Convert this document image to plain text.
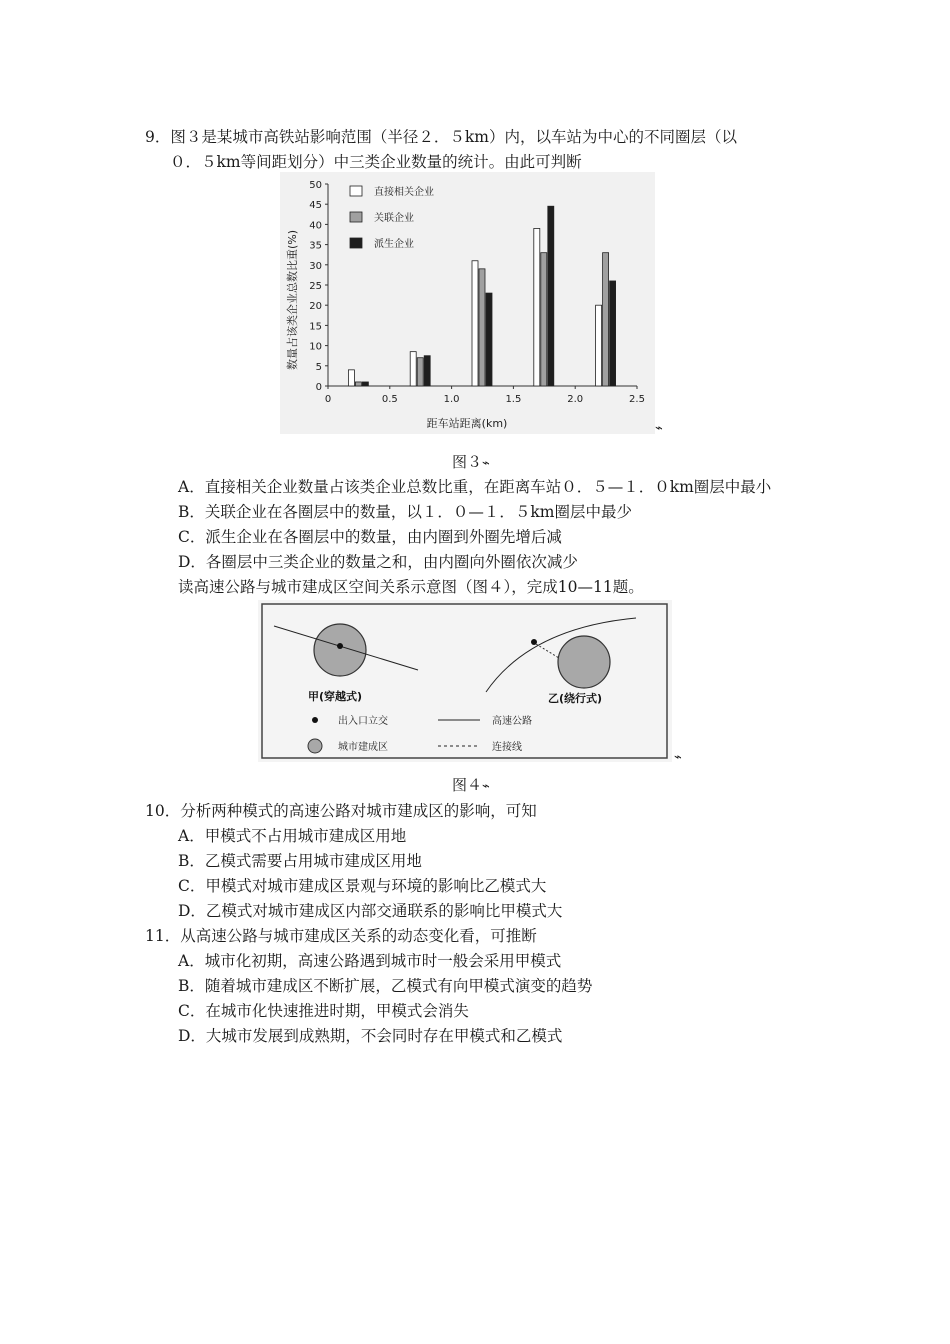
9．图３是某城市高铁站影响范围（半径２．５km）内，以车站为中心的不同圈层（以
０．５km等间距划分）中三类企业数量的统计。由此可判断
0
5
10
15
20
25
30
35
40
45
50
0	0.5	1.0	1.5	2.0	2.5
直接相关企业
关联企业
派生企业
数量占该类企业总数比重(%)
距车站距离(km)	⌁
图３⌁
A．直接相关企业数量占该类企业总数比重，在距离车站０．５—１．０km圈层中最小
B．关联企业在各圈层中的数量，以１．０—１．５km圈层中最少
C．派生企业在各圈层中的数量，由内圈到外圈先增后减
D．各圈层中三类企业的数量之和，由内圈向外圈依次减少
读高速公路与城市建成区空间关系示意图（图４），完成10—11题。
甲(穿越式)	乙(绕行式)
出入口立交	高速公路
城市建成区	连接线
⌁
图４⌁
10．分析两种模式的高速公路对城市建成区的影响，可知
A．甲模式不占用城市建成区用地
B．乙模式需要占用城市建成区用地
C．甲模式对城市建成区景观与环境的影响比乙模式大
D．乙模式对城市建成区内部交通联系的影响比甲模式大
11．从高速公路与城市建成区关系的动态变化看，可推断
A．城市化初期，高速公路遇到城市时一般会采用甲模式
B．随着城市建成区不断扩展，乙模式有向甲模式演变的趋势
C．在城市化快速推进时期，甲模式会消失
D．大城市发展到成熟期，不会同时存在甲模式和乙模式
